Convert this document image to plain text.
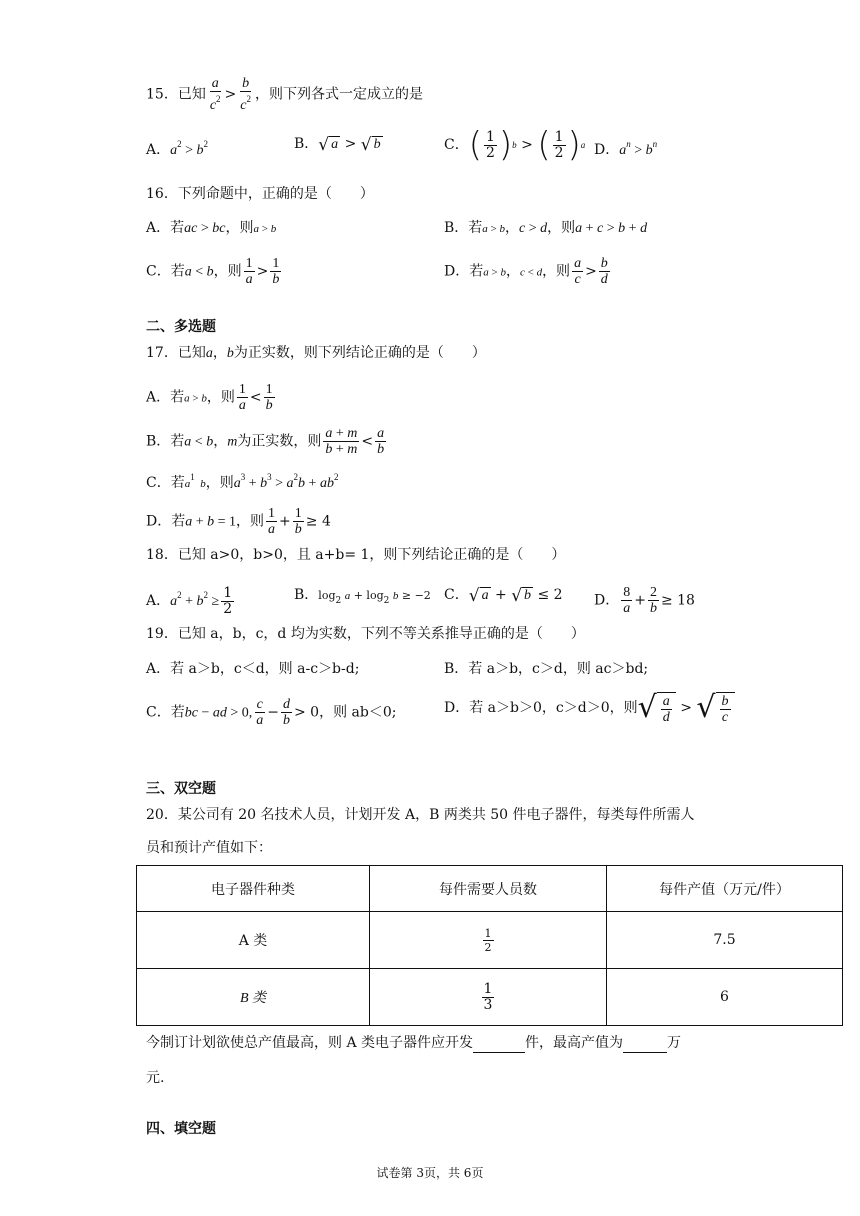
15．已知 $\frac{a}{c^2} > \frac{b}{c^2}$ ，则下列各式一定成立的是
A．$a^2 > b^2$	B． √ a > √ b	C． ( $\frac{1}{2}$ ) b > ( $\frac{1}{2}$ ) a D．$a^n > b^n$
16．下列命题中，正确的是（　　）
A．若ac > bc，则a > b	B．若a > b，c > d，则a + c > b + d
C．若a < b，则 $\frac{1}{a} > \frac{1}{b}$	D．若a > b，c < d，则 $\frac{a}{c} > \frac{b}{d}$
二、多选题
17．已知a，b为正实数，则下列结论正确的是（　　）
A．若a > b，则 $\frac{1}{a} < \frac{1}{b}$
B．若a < b，m为正实数，则 $\frac{a + m}{b + m} < \frac{a}{b}$
C．若$a^1$  b，则$a^3 + b^3 > a^2b + ab^2$
D．若a + b = 1，则 $\frac{1}{a} + \frac{1}{b} \ge 4$
18．已知 a>0，b>0，且 a+b= 1，则下列结论正确的是（　　）
A．$a^2 + b^2 \ge \frac{1}{2}$	B．$\log_2 a + \log_2 b \ge -2$ C． √ a + √ b ≤ 2 D． $\frac{8}{a} + \frac{2}{b} \ge 18$
19．已知 a，b，c，d 均为实数，下列不等关系推导正确的是（　　）
A．若 a＞b，c＜d，则 a-c＞b-d;	B．若 a＞b，c＞d，则 ac＞bd;
C．若bc − ad > 0, $\frac{c}{a} - \frac{d}{b} > 0$，则 ab＜0;	D．若 a＞b＞0，c＞d＞0，则 √ $\frac{a}{d}$ > √ $\frac{b}{c}$
三、双空题
20．某公司有 20 名技术人员，计划开发 A，B 两类共 50 件电子器件，每类每件所需人
员和预计产值如下：
电子器件种类	每件需要人员数	每件产值（万元/件）
A 类	$\frac{1}{2}$	7.5
B 类	$\frac{1}{3}$	6
今制订计划欲使总产值最高，则 A 类电子器件应开发	件，最高产值为	万
元.
四、填空题
试卷第 3页，共 6页
